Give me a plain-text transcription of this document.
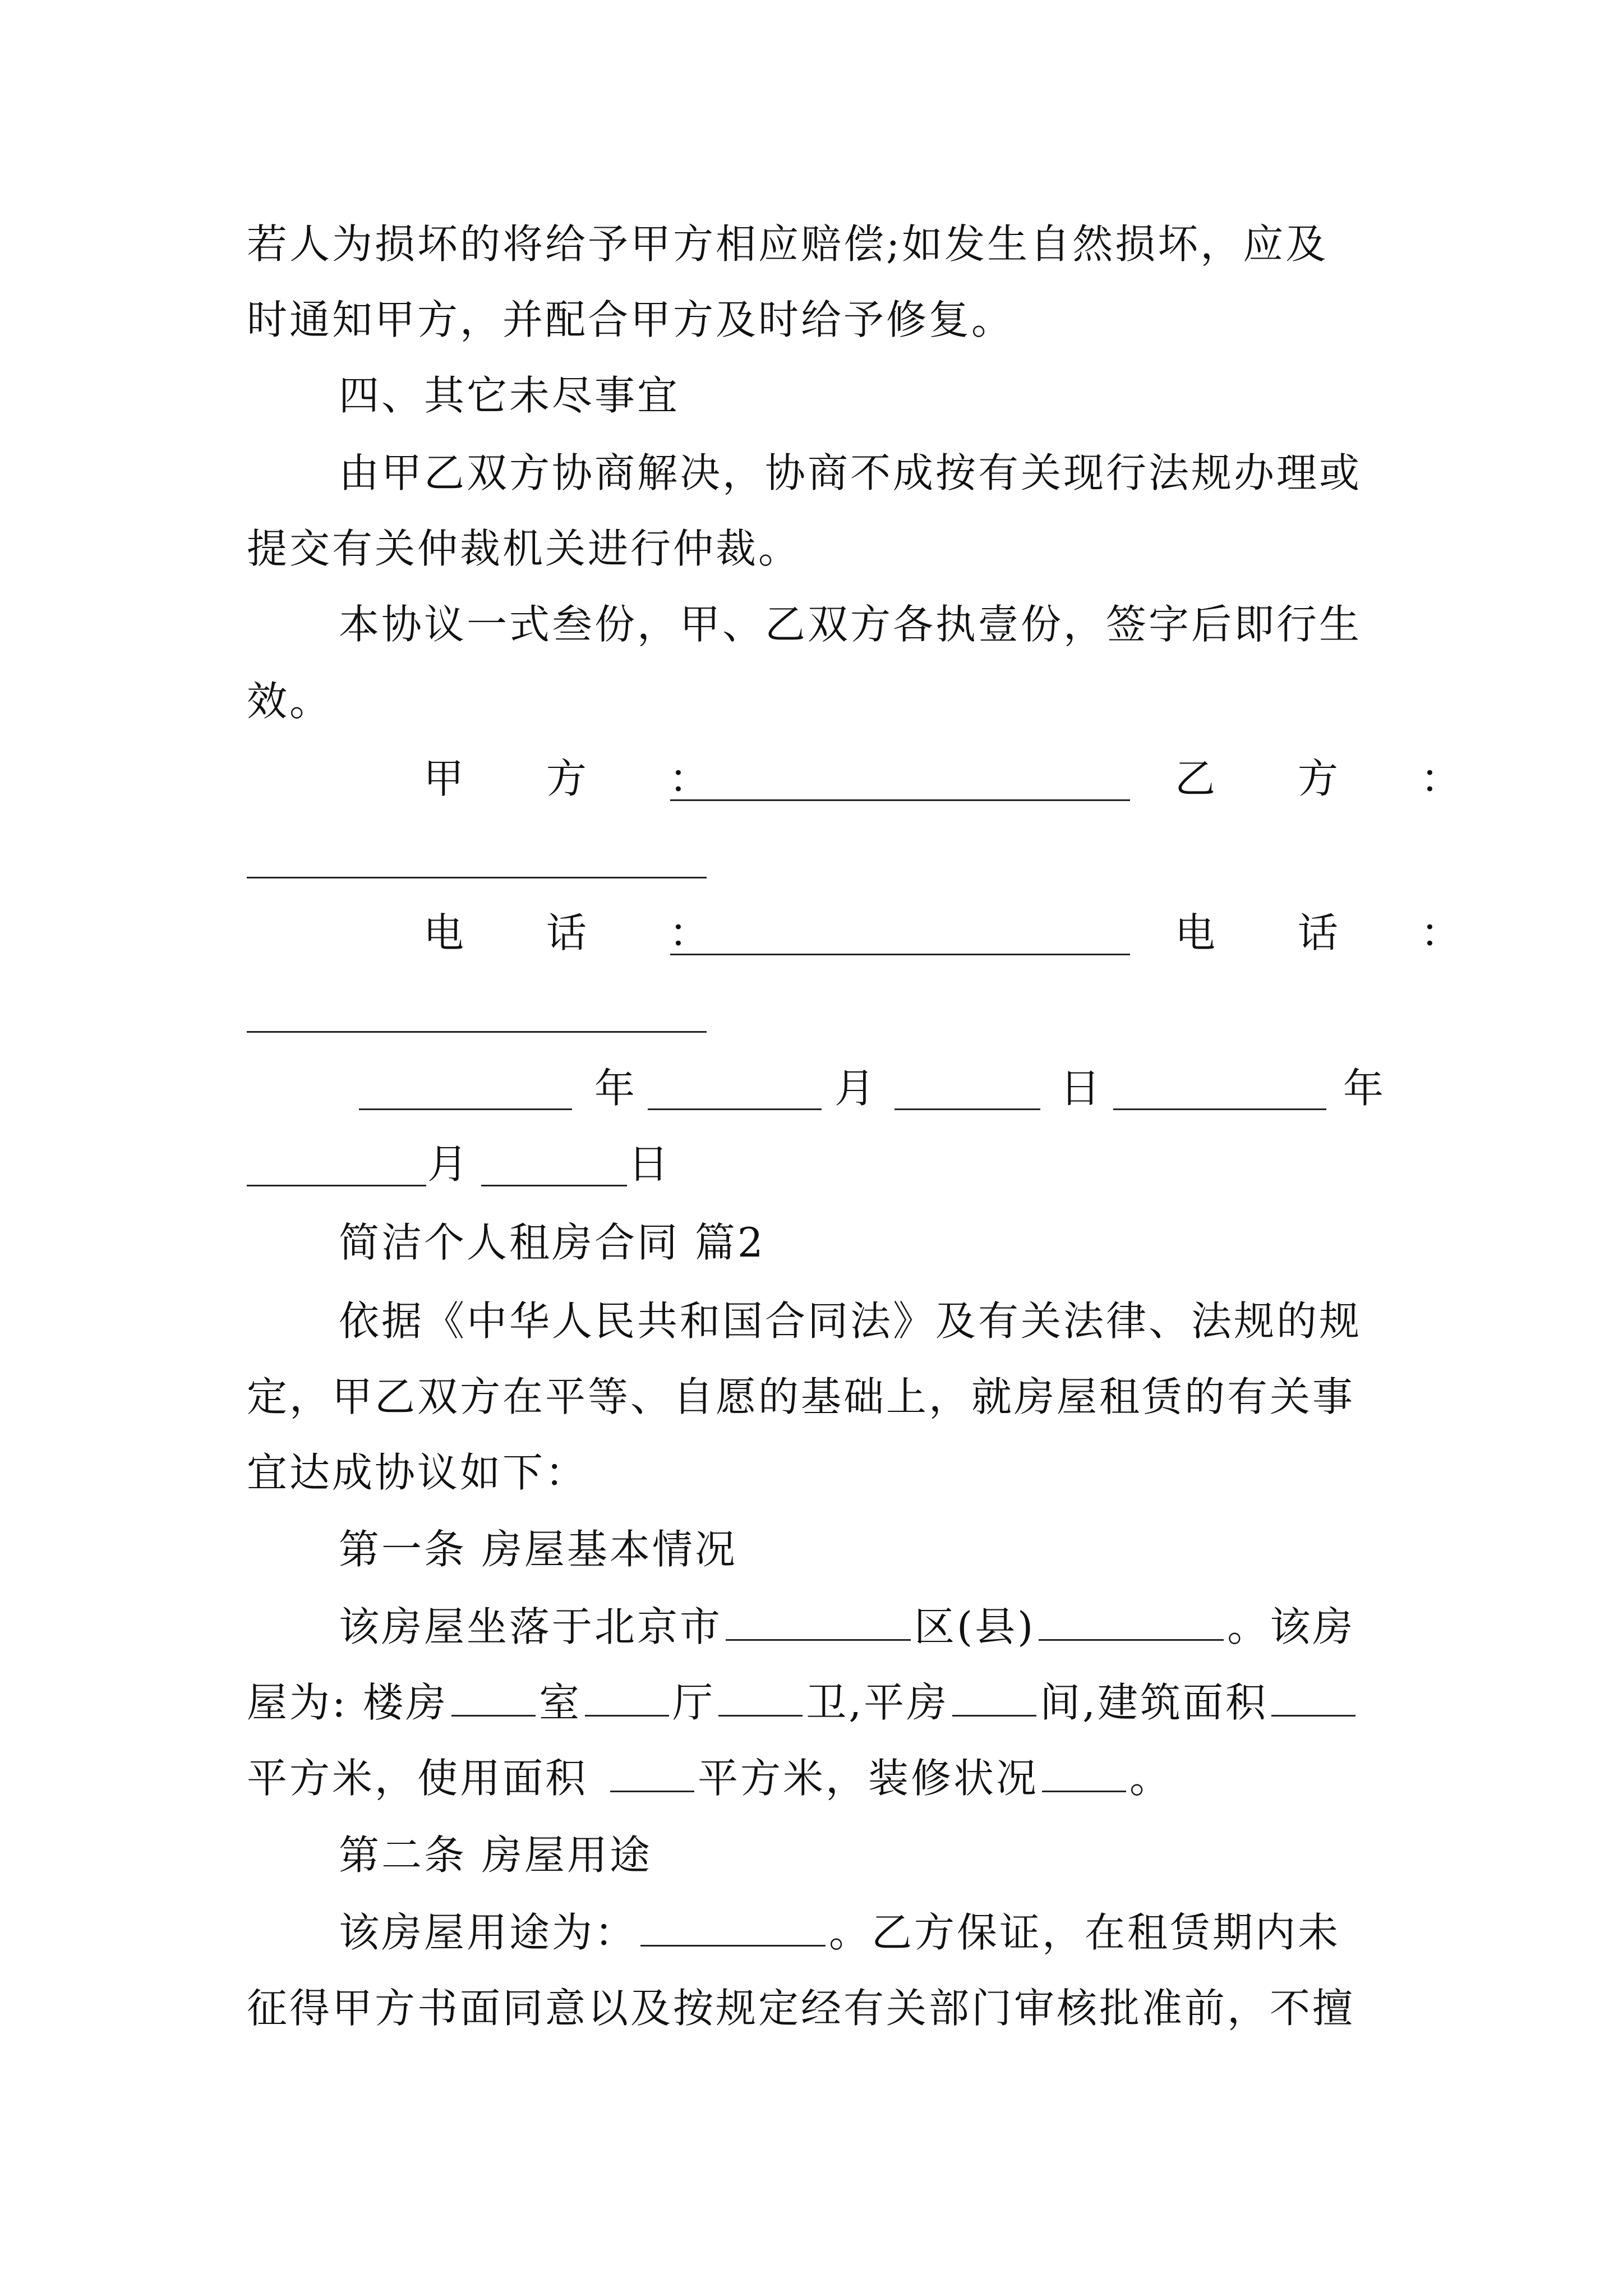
若人为损坏的将给予甲方相应赔偿;如发生自然损坏，应及
时通知甲方，并配合甲方及时给予修复。
四、其它未尽事宜
由甲乙双方协商解决，协商不成按有关现行法规办理或
提交有关仲裁机关进行仲裁。
本协议一式叁份，甲、乙双方各执壹份，签字后即行生
效。
甲 方 ：	乙 方 ：
电 话 ：	电 话 ：
年	月	日	年
月	日
简洁个人租房合同 篇2
依据《中华人民共和国合同法》及有关法律、法规的规
定，甲乙双方在平等、自愿的基础上，就房屋租赁的有关事
宜达成协议如下：
第一条 房屋基本情况
该房屋坐落于北京市	区(县)	。该房
屋为: 楼房 室 厅 卫,平房 间,建筑面积
平方米，使用面积	平方米，装修状况 。
第二条 房屋用途
该房屋用途为：	。乙方保证，在租赁期内未
征得甲方书面同意以及按规定经有关部门审核批准前，不擅
